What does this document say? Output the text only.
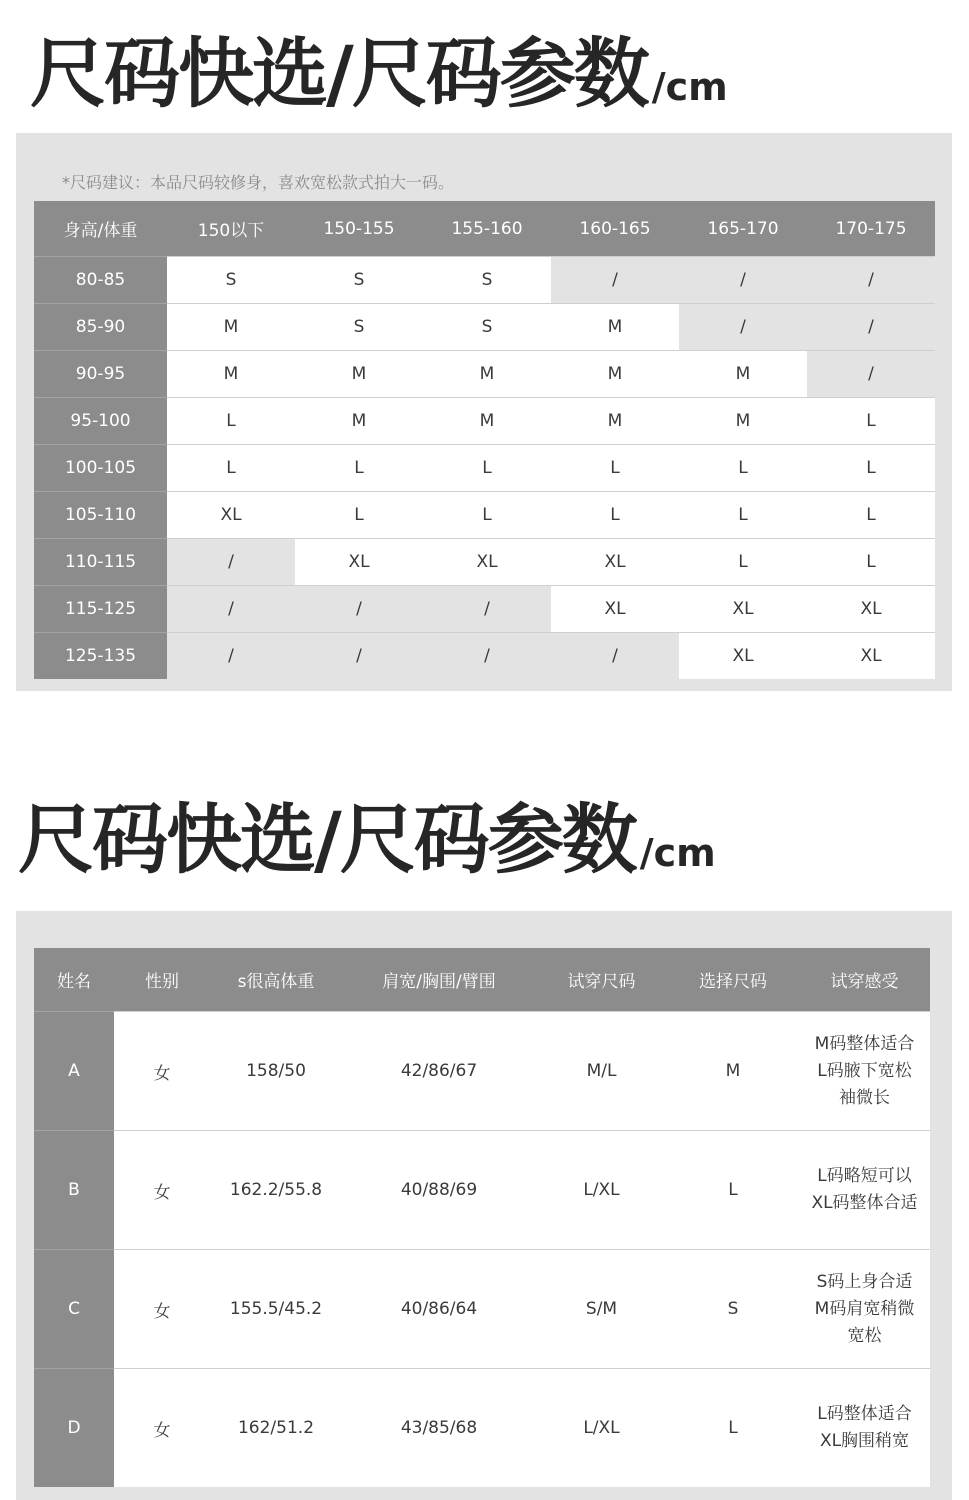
尺码快选/尺码参数 /cm
*尺码建议：本品尺码较修身，喜欢宽松款式拍大一码。
身高/体重	150以下	150-155	155-160	160-165	165-170	170-175
80-85	S	S	S	/	/	/
85-90	M	S	S	M	/	/
90-95	M	M	M	M	M	/
95-100	L	M	M	M	M	L
100-105	L	L	L	L	L	L
105-110	XL	L	L	L	L	L
110-115	/	XL	XL	XL	L	L
115-125	/	/	/	XL	XL	XL
125-135	/	/	/	/	XL	XL
尺码快选/尺码参数 /cm
姓名	性别	s很高体重	肩宽/胸围/臂围	试穿尺码	选择尺码	试穿感受
A	女	158/50	42/86/67	M/L	M	M码整体适合
L码腋下宽松
袖微长
B	女	162.2/55.8	40/88/69	L/XL	L	L码略短可以
XL码整体合适
C	女	155.5/45.2	40/86/64	S/M	S	S码上身合适
M码肩宽稍微
宽松
D	女	162/51.2	43/85/68	L/XL	L	L码整体适合
XL胸围稍宽
